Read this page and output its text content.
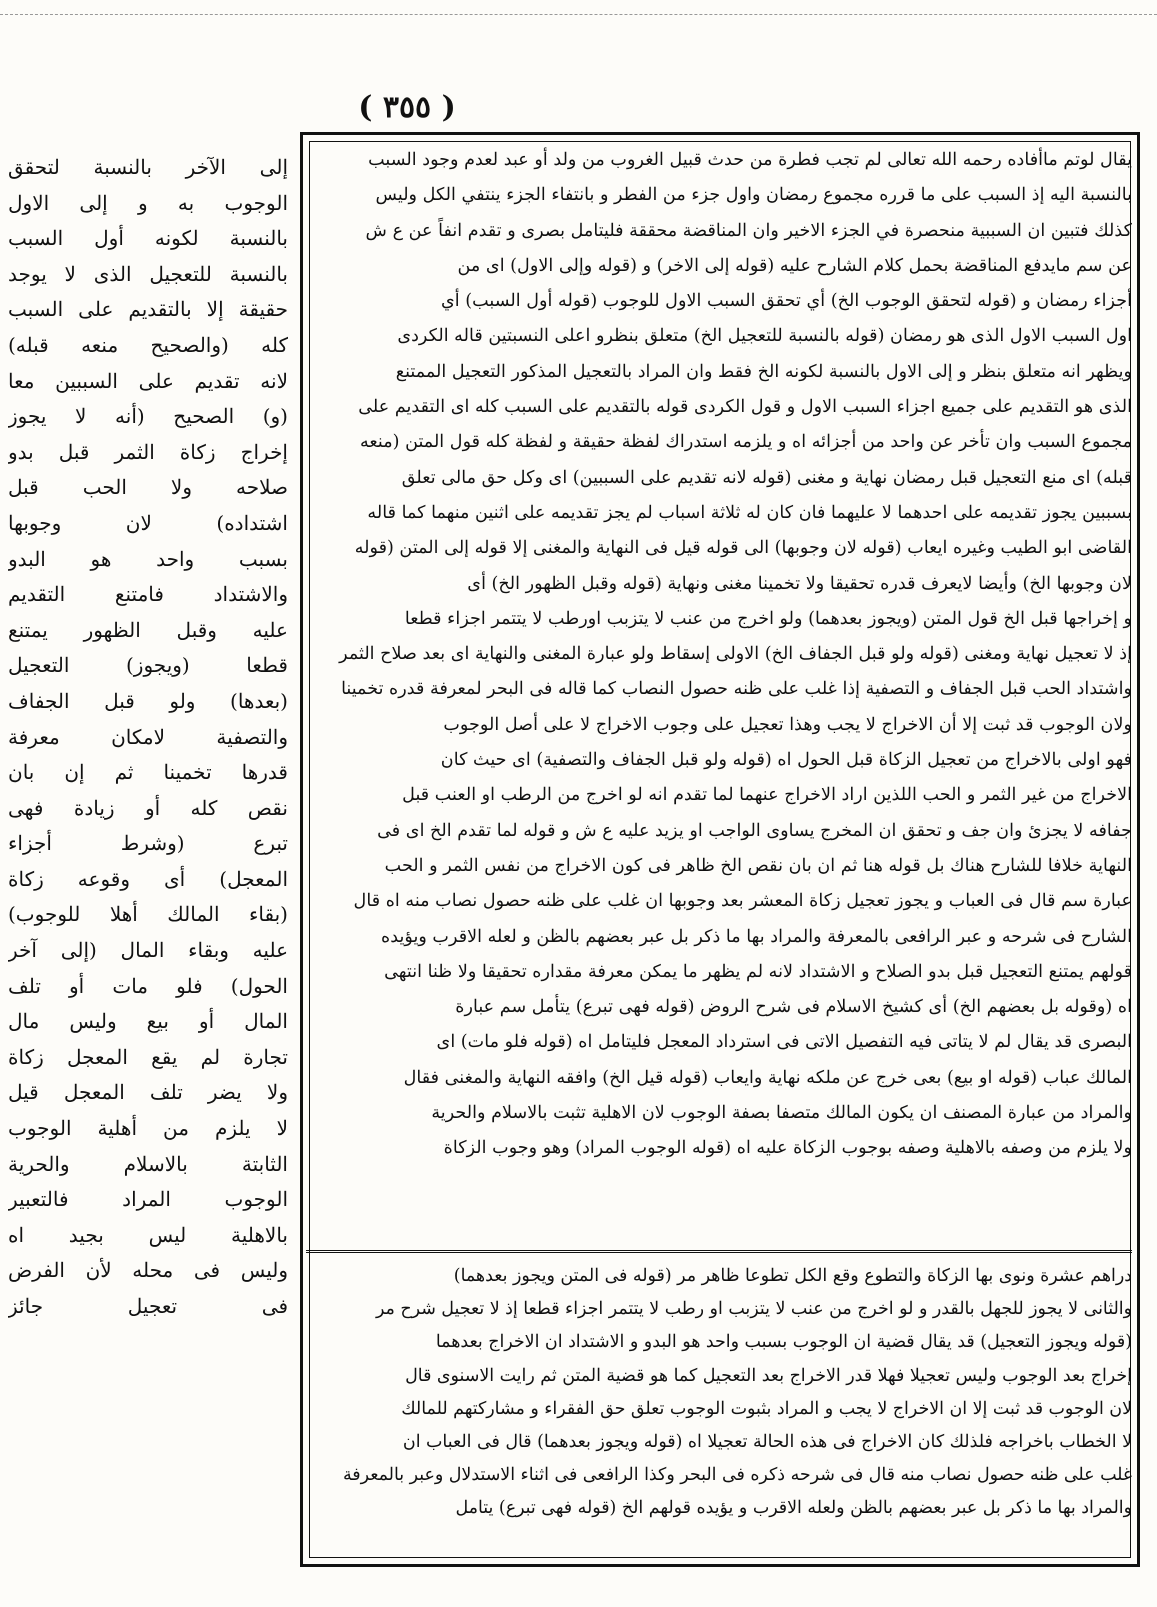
( ٣٥٥ )
يقال لوتم ماأفاده رحمه الله تعالى لم تجب فطرة من حدث قبيل الغروب من ولد أو عبد لعدم وجود السبب
بالنسبة اليه إذ السبب على ما قرره مجموع رمضان واول جزء من الفطر و بانتفاء الجزء ينتفي الكل وليس
كذلك فتبين ان السببية منحصرة في الجزء الاخير وان المناقضة محققة فليتامل بصرى و تقدم انفاً عن ع ش
عن سم مايدفع المناقضة بحمل كلام الشارح عليه (قوله إلى الاخر) و (قوله وإلى الاول) اى من
أجزاء رمضان و (قوله لتحقق الوجوب الخ) أي تحقق السبب الاول للوجوب (قوله أول السبب) أي
اول السبب الاول الذى هو رمضان (قوله بالنسبة للتعجيل الخ) متعلق بنظرو اعلى النسبتين قاله الكردى
ويظهر انه متعلق بنظر و إلى الاول بالنسبة لكونه الخ فقط وان المراد بالتعجيل المذكور التعجيل الممتنع
الذى هو التقديم على جميع اجزاء السبب الاول و قول الكردى قوله بالتقديم على السبب كله اى التقديم على
مجموع السبب وان تأخر عن واحد من أجزائه اه و يلزمه استدراك لفظة حقيقة و لفظة كله قول المتن (منعه
قبله) اى منع التعجيل قبل رمضان نهاية و مغنى (قوله لانه تقديم على السببين) اى وكل حق مالى تعلق
بسببين يجوز تقديمه على احدهما لا عليهما فان كان له ثلاثة اسباب لم يجز تقديمه على اثنين منهما كما قاله
القاضى ابو الطيب وغيره ايعاب (قوله لان وجوبها) الى قوله قيل فى النهاية والمغنى إلا قوله إلى المتن (قوله
لان وجوبها الخ) وأيضا لايعرف قدره تحقيقا ولا تخمينا مغنى ونهاية (قوله وقبل الظهور الخ) أى
و إخراجها قبل الخ قول المتن (ويجوز بعدهما) ولو اخرج من عنب لا يتزبب اورطب لا يتتمر اجزاء قطعا
إذ لا تعجيل نهاية ومغنى (قوله ولو قبل الجفاف الخ) الاولى إسقاط ولو عبارة المغنى والنهاية اى بعد صلاح الثمر
واشتداد الحب قبل الجفاف و التصفية إذا غلب على ظنه حصول النصاب كما قاله فى البحر لمعرفة قدره تخمينا
ولان الوجوب قد ثبت إلا أن الاخراج لا يجب وهذا تعجيل على وجوب الاخراج لا على أصل الوجوب
فهو اولى بالاخراج من تعجيل الزكاة قبل الحول اه (قوله ولو قبل الجفاف والتصفية) اى حيث كان
الاخراج من غير الثمر و الحب اللذين اراد الاخراج عنهما لما تقدم انه لو اخرج من الرطب او العنب قبل
جفافه لا يجزئ وان جف و تحقق ان المخرج يساوى الواجب او يزيد عليه ع ش و قوله لما تقدم الخ اى فى
النهاية خلافا للشارح هناك بل قوله هنا ثم ان بان نقص الخ ظاهر فى كون الاخراج من نفس الثمر و الحب
عبارة سم قال فى العباب و يجوز تعجيل زكاة المعشر بعد وجوبها ان غلب على ظنه حصول نصاب منه اه قال
الشارح فى شرحه و عبر الرافعى بالمعرفة والمراد بها ما ذكر بل عبر بعضهم بالظن و لعله الاقرب ويؤيده
قولهم يمتنع التعجيل قبل بدو الصلاح و الاشتداد لانه لم يظهر ما يمكن معرفة مقداره تحقيقا ولا ظنا انتهى
اه (وقوله بل بعضهم الخ) أى كشيخ الاسلام فى شرح الروض (قوله فهى تبرع) يتأمل سم عبارة
البصرى قد يقال لم لا يتاتى فيه التفصيل الاتى فى استرداد المعجل فليتامل اه (قوله فلو مات) اى
المالك عباب (قوله او بيع) بعى خرج عن ملكه نهاية وايعاب (قوله قيل الخ) وافقه النهاية والمغنى فقال
والمراد من عبارة المصنف ان يكون المالك متصفا بصفة الوجوب لان الاهلية تثبت بالاسلام والحرية
ولا يلزم من وصفه بالاهلية وصفه بوجوب الزكاة عليه اه (قوله الوجوب المراد) وهو وجوب الزكاة
دراهم عشرة ونوى بها الزكاة والتطوع وقع الكل تطوعا ظاهر مر (قوله فى المتن ويجوز بعدهما)
والثانى لا يجوز للجهل بالقدر و لو اخرج من عنب لا يتزبب او رطب لا يتتمر اجزاء قطعا إذ لا تعجيل شرح مر
(قوله ويجوز التعجيل) قد يقال قضية ان الوجوب بسبب واحد هو البدو و الاشتداد ان الاخراج بعدهما
إخراج بعد الوجوب وليس تعجيلا فهلا قدر الاخراج بعد التعجيل كما هو قضية المتن ثم رايت الاسنوى قال
لان الوجوب قد ثبت إلا ان الاخراج لا يجب و المراد بثبوت الوجوب تعلق حق الفقراء و مشاركتهم للمالك
لا الخطاب باخراجه فلذلك كان الاخراج فى هذه الحالة تعجيلا اه (قوله ويجوز بعدهما) قال فى العباب ان
غلب على ظنه حصول نصاب منه قال فى شرحه ذكره فى البحر وكذا الرافعى فى اثناء الاستدلال وعبر بالمعرفة
والمراد بها ما ذكر بل عبر بعضهم بالظن ولعله الاقرب و يؤيده قولهم الخ (قوله فهى تبرع) يتامل
إلى الآخر بالنسبة لتحقق
الوجوب به و إلى الاول
بالنسبة لكونه أول السبب
بالنسبة للتعجيل الذى لا يوجد
حقيقة إلا بالتقديم على السبب
كله (والصحيح منعه قبله)
لانه تقديم على السببين معا
(و) الصحيح (أنه لا يجوز
إخراج زكاة الثمر قبل بدو
صلاحه ولا الحب قبل
اشتداده) لان وجوبها
بسبب واحد هو البدو
والاشتداد فامتنع التقديم
عليه وقبل الظهور يمتنع
قطعا (ويجوز) التعجيل
(بعدها) ولو قبل الجفاف
والتصفية لامكان معرفة
قدرها تخمينا ثم إن بان
نقص كله أو زيادة فهى
تبرع (وشرط أجزاء
المعجل) أى وقوعه زكاة
(بقاء المالك أهلا للوجوب)
عليه وبقاء المال (إلى آخر
الحول) فلو مات أو تلف
المال أو بيع وليس مال
تجارة لم يقع المعجل زكاة
ولا يضر تلف المعجل قيل
لا يلزم من أهلية الوجوب
الثابتة بالاسلام والحرية
الوجوب المراد فالتعبير
بالاهلية ليس بجيد اه
وليس فى محله لأن الفرض
فى تعجيل جائز
